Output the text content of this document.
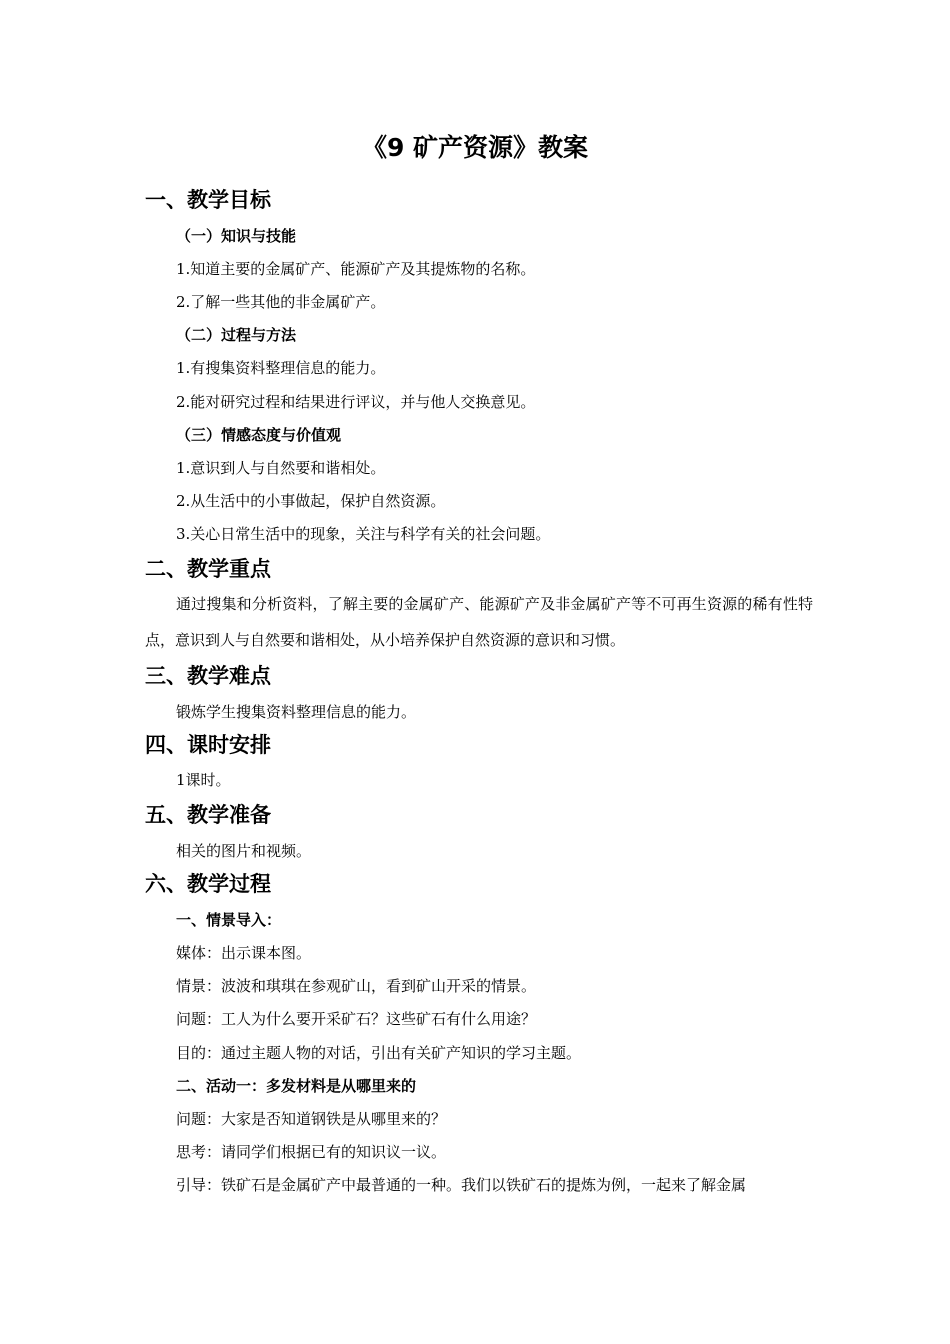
《9 矿产资源》教案
一、教学目标
（一）知识与技能
1.知道主要的金属矿产、能源矿产及其提炼物的名称。
2.了解一些其他的非金属矿产。
（二）过程与方法
1.有搜集资料整理信息的能力。
2.能对研究过程和结果进行评议，并与他人交换意见。
（三）情感态度与价值观
1.意识到人与自然要和谐相处。
2.从生活中的小事做起，保护自然资源。
3.关心日常生活中的现象，关注与科学有关的社会问题。
二、教学重点
通过搜集和分析资料，了解主要的金属矿产、能源矿产及非金属矿产等不可再生资源的稀有性特点，意识到人与自然要和谐相处，从小培养保护自然资源的意识和习惯。
三、教学难点
锻炼学生搜集资料整理信息的能力。
四、课时安排
1课时。
五、教学准备
相关的图片和视频。
六、教学过程
一、情景导入：
媒体：出示课本图。
情景：波波和琪琪在参观矿山，看到矿山开采的情景。
问题：工人为什么要开采矿石？这些矿石有什么用途？
目的：通过主题人物的对话，引出有关矿产知识的学习主题。
二、活动一：多发材料是从哪里来的
问题：大家是否知道钢铁是从哪里来的？
思考：请同学们根据已有的知识议一议。
引导：铁矿石是金属矿产中最普通的一种。我们以铁矿石的提炼为例，一起来了解金属
